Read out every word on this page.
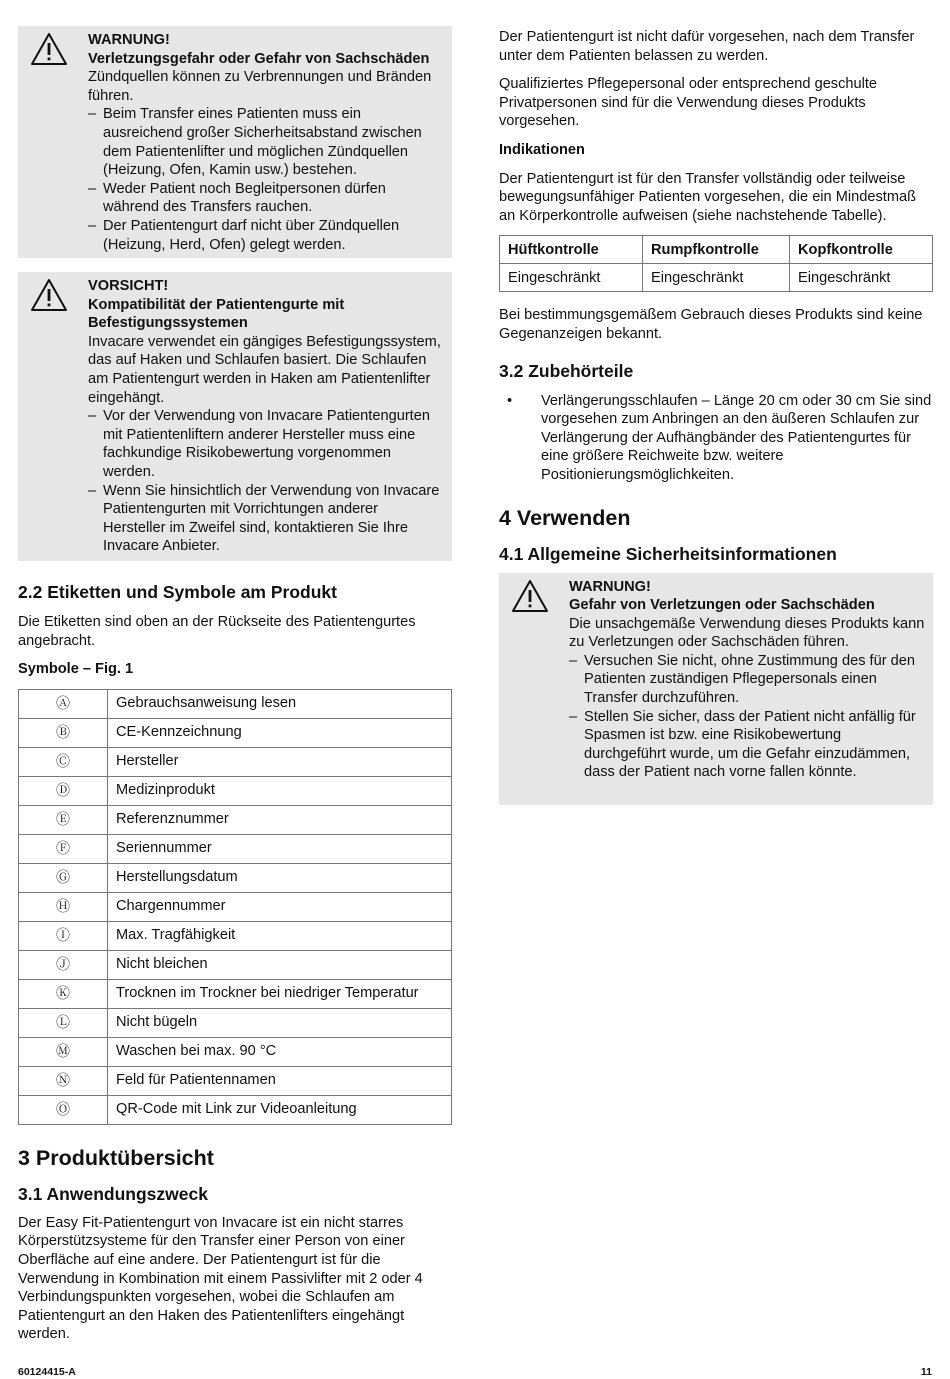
WARNUNG!

Verletzungsgefahr oder Gefahr von Sachschäden

Zündquellen können zu Verbrennungen und Bränden führen.

– Beim Transfer eines Patienten muss ein ausreichend großer Sicherheitsabstand zwischen dem Patientenlifter und möglichen Zündquellen (Heizung, Ofen, Kamin usw.) bestehen.
– Weder Patient noch Begleitpersonen dürfen während des Transfers rauchen.
– Der Patientengurt darf nicht über Zündquellen (Heizung, Herd, Ofen) gelegt werden.

VORSICHT!

Kompatibilität der Patientengurte mit Befestigungssystemen

Invacare verwendet ein gängiges Befestigungssystem, das auf Haken und Schlaufen basiert. Die Schlaufen am Patientengurt werden in Haken am Patientenlifter eingehängt.

– Vor der Verwendung von Invacare Patientengurten mit Patientenliftern anderer Hersteller muss eine fachkundige Risikobewertung vorgenommen werden.
– Wenn Sie hinsichtlich der Verwendung von Invacare Patientengurten mit Vorrichtungen anderer Hersteller im Zweifel sind, kontaktieren Sie Ihre Invacare Anbieter.
2.2 Etiketten und Symbole am Produkt

Die Etiketten sind oben an der Rückseite des Patientengurtes angebracht.

Symbole – Fig. 1

Ⓐ	Gebrauchsanweisung lesen
Ⓑ	CE-Kennzeichnung
Ⓒ	Hersteller
Ⓓ	Medizinprodukt
Ⓔ	Referenznummer
Ⓕ	Seriennummer
Ⓖ	Herstellungsdatum
Ⓗ	Chargennummer
Ⓘ	Max. Tragfähigkeit
Ⓙ	Nicht bleichen
Ⓚ	Trocknen im Trockner bei niedriger Temperatur
Ⓛ	Nicht bügeln
Ⓜ	Waschen bei max. 90 °C
Ⓝ	Feld für Patientennamen
Ⓞ	QR-Code mit Link zur Videoanleitung
3 Produktübersicht
3.1 Anwendungszweck

Der Easy Fit-Patientengurt von Invacare ist ein nicht starres Körperstützsysteme für den Transfer einer Person von einer Oberfläche auf eine andere. Der Patientengurt ist für die Verwendung in Kombination mit einem Passivlifter mit 2 oder 4 Verbindungspunkten vorgesehen, wobei die Schlaufen am Patientengurt an den Haken des Patientenlifters eingehängt werden.

Der Patientengurt ist nicht dafür vorgesehen, nach dem Transfer unter dem Patienten belassen zu werden.

Qualifiziertes Pflegepersonal oder entsprechend geschulte Privatpersonen sind für die Verwendung dieses Produkts vorgesehen.

Indikationen

Der Patientengurt ist für den Transfer vollständig oder teilweise bewegungsunfähiger Patienten vorgesehen, die ein Mindestmaß an Körperkontrolle aufweisen (siehe nachstehende Tabelle).

Hüftkontrolle	Rumpfkontrolle	Kopfkontrolle
Eingeschränkt	Eingeschränkt	Eingeschränkt

Bei bestimmungsgemäßem Gebrauch dieses Produkts sind keine Gegenanzeigen bekannt.

3.2 Zubehörteile
•	Verlängerungsschlaufen – Länge 20 cm oder 30 cm Sie sind vorgesehen zum Anbringen an den äußeren Schlaufen zur Verlängerung der Aufhängbänder des Patientengurtes für eine größere Reichweite bzw. weitere Positionierungsmöglichkeiten.
4 Verwenden
4.1 Allgemeine Sicherheitsinformationen

WARNUNG!

Gefahr von Verletzungen oder Sachschäden

Die unsachgemäße Verwendung dieses Produkts kann zu Verletzungen oder Sachschäden führen.

– Versuchen Sie nicht, ohne Zustimmung des für den Patienten zuständigen Pflegepersonals einen Transfer durchzuführen.
– Stellen Sie sicher, dass der Patient nicht anfällig für Spasmen ist bzw. eine Risikobewertung durchgeführt wurde, um die Gefahr einzudämmen, dass der Patient nach vorne fallen könnte.
60124415-A	11
